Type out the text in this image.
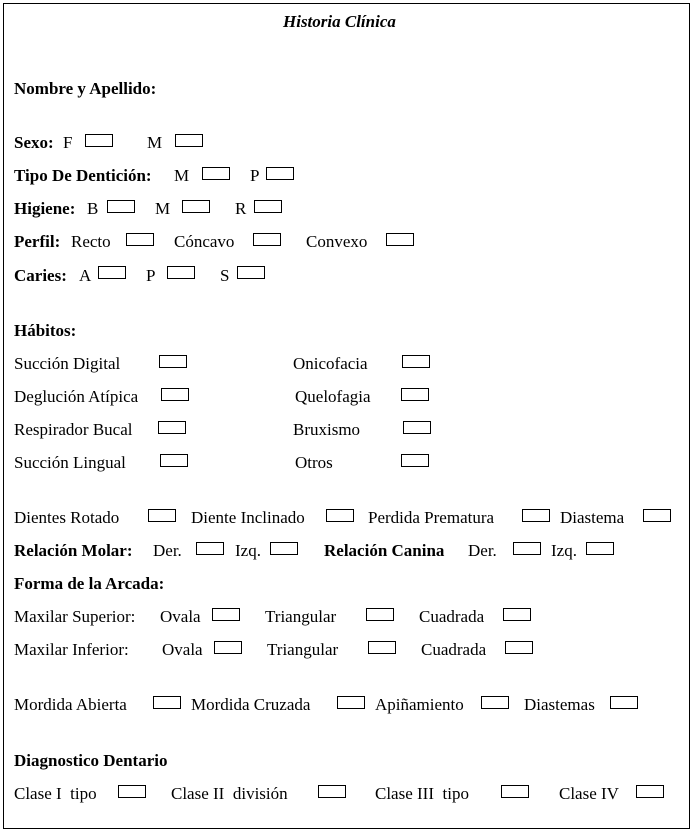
Historia Clínica
Nombre y Apellido:
Sexo: F	M
Tipo De Dentición: M	P
Higiene: B	M	R
Perfil: Recto	Cóncavo	Convexo
Caries: A	P	S
Hábitos:
Succión Digital	Onicofacia
Deglución Atípica	Quelofagia
Respirador Bucal	Bruxismo
Succión Lingual	Otros
Dientes Rotado	Diente Inclinado	Perdida Prematura	Diastema
Relación Molar: Der.	Izq.	Relación Canina Der.	Izq.
Forma de la Arcada:
Maxilar Superior: Ovala	Triangular	Cuadrada
Maxilar Inferior: Ovala	Triangular	Cuadrada
Mordida Abierta	Mordida Cruzada	Apiñamiento	Diastemas
Diagnostico Dentario
Clase I  tipo	Clase II  división	Clase III  tipo	Clase IV
